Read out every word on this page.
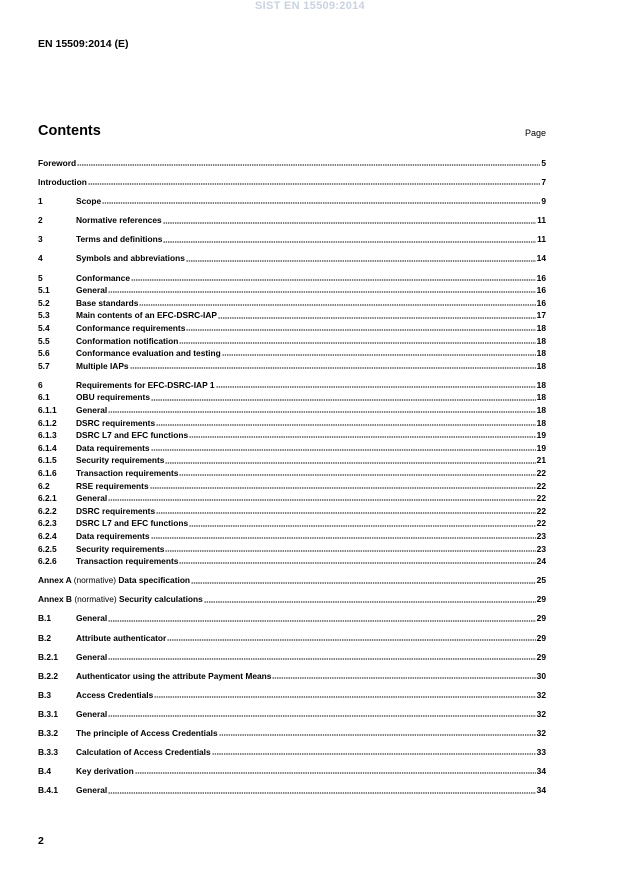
SIST EN 15509:2014
EN 15509:2014 (E)
Contents	Page
Foreword	5
Introduction	7
1	Scope	9
2	Normative references	11
3	Terms and definitions	11
4	Symbols and abbreviations	14
5	Conformance	16
5.1	General	16
5.2	Base standards	16
5.3	Main contents of an EFC-DSRC-IAP	17
5.4	Conformance requirements	18
5.5	Conformation notification	18
5.6	Conformance evaluation and testing	18
5.7	Multiple IAPs	18
6	Requirements for EFC-DSRC-IAP 1	18
6.1	OBU requirements	18
6.1.1	General	18
6.1.2	DSRC requirements	18
6.1.3	DSRC L7 and EFC functions	19
6.1.4	Data requirements	19
6.1.5	Security requirements	21
6.1.6	Transaction requirements	22
6.2	RSE requirements	22
6.2.1	General	22
6.2.2	DSRC requirements	22
6.2.3	DSRC L7 and EFC functions	22
6.2.4	Data requirements	23
6.2.5	Security requirements	23
6.2.6	Transaction requirements	24
Annex A (normative) Data specification	25
Annex B (normative) Security calculations	29
B.1	General	29
B.2	Attribute authenticator	29
B.2.1	General	29
B.2.2	Authenticator using the attribute Payment Means	30
B.3	Access Credentials	32
B.3.1	General	32
B.3.2	The principle of Access Credentials	32
B.3.3	Calculation of Access Credentials	33
B.4	Key derivation	34
B.4.1	General	34
2
